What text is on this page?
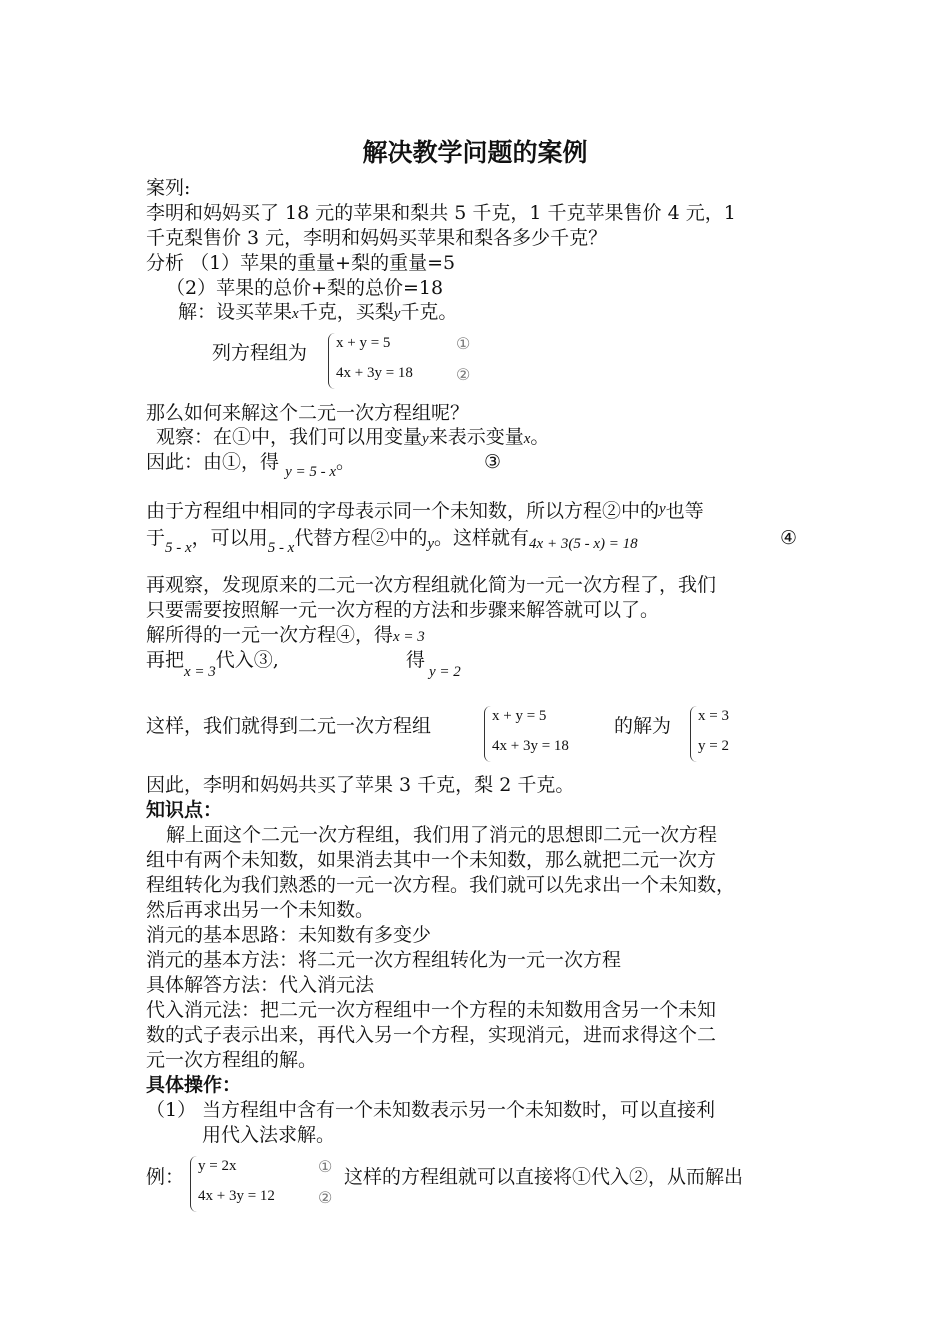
解决教学问题的案例
案列:
李明和妈妈买了 18 元的苹果和梨共 5 千克，1 千克苹果售价 4 元，1
千克梨售价 3 元，李明和妈妈买苹果和梨各多少千克？
分析 （1）苹果的重量+梨的重量=5
（2）苹果的总价+梨的总价=18
解：设买苹果x千克，买梨y千克。
列方程组为 x + y = 5
4x + 3y = 18
①
②
那么如何来解这个二元一次方程组呢？
观察：在①中，我们可以用变量y来表示变量x。
因此：由①，得 $_{y = 5 - x}$。	③
由于方程组中相同的字母表示同一个未知数，所以方程②中的$^y$也等
于$_{5 - x}$，可以用$_{5 - x}$代替方程②中的$_y$。这样就有$_{4x + 3(5 - x) = 18}$	④
再观察，发现原来的二元一次方程组就化简为一元一次方程了，我们
只要需要按照解一元一次方程的方法和步骤来解答就可以了。
解所得的一元一次方程④，得x = 3
再把$_{x = 3}$代入③,	得$_{y = 2}$
这样，我们就得到二元一次方程组	x + y = 5
4x + 3y = 18
的解为 x = 3
y = 2
因此，李明和妈妈共买了苹果 3 千克，梨 2 千克。
知识点：
解上面这个二元一次方程组，我们用了消元的思想即二元一次方程
组中有两个未知数，如果消去其中一个未知数，那么就把二元一次方
程组转化为我们熟悉的一元一次方程。我们就可以先求出一个未知数，
然后再求出另一个未知数。
消元的基本思路：未知数有多变少
消元的基本方法：将二元一次方程组转化为一元一次方程
具体解答方法：代入消元法
代入消元法：把二元一次方程组中一个方程的未知数用含另一个未知
数的式子表示出来，再代入另一个方程，实现消元，进而求得这个二
元一次方程组的解。
具体操作：
（1） 当方程组中含有一个未知数表示另一个未知数时，可以直接利
用代入法求解。
例： y = 2x
4x + 3y = 12
①
②
这样的方程组就可以直接将①代入②，从而解出
